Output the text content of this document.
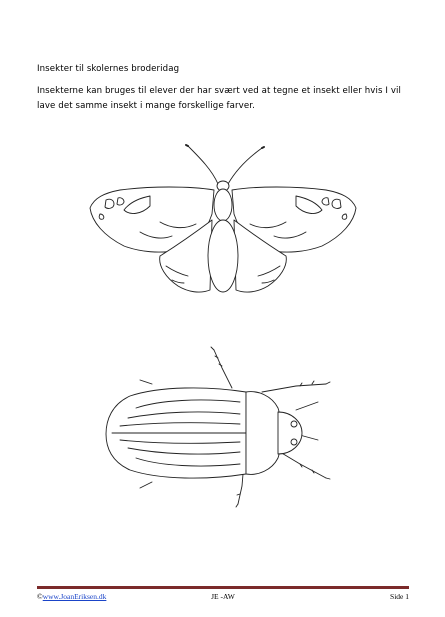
Insekter til skolernes broderidag
Insekterne kan bruges til elever der har svært ved at tegne et insekt eller hvis I vil lave det samme insekt i mange forskellige farver.
©www.JoanEriksen.dk	JE -AW	Side 1
